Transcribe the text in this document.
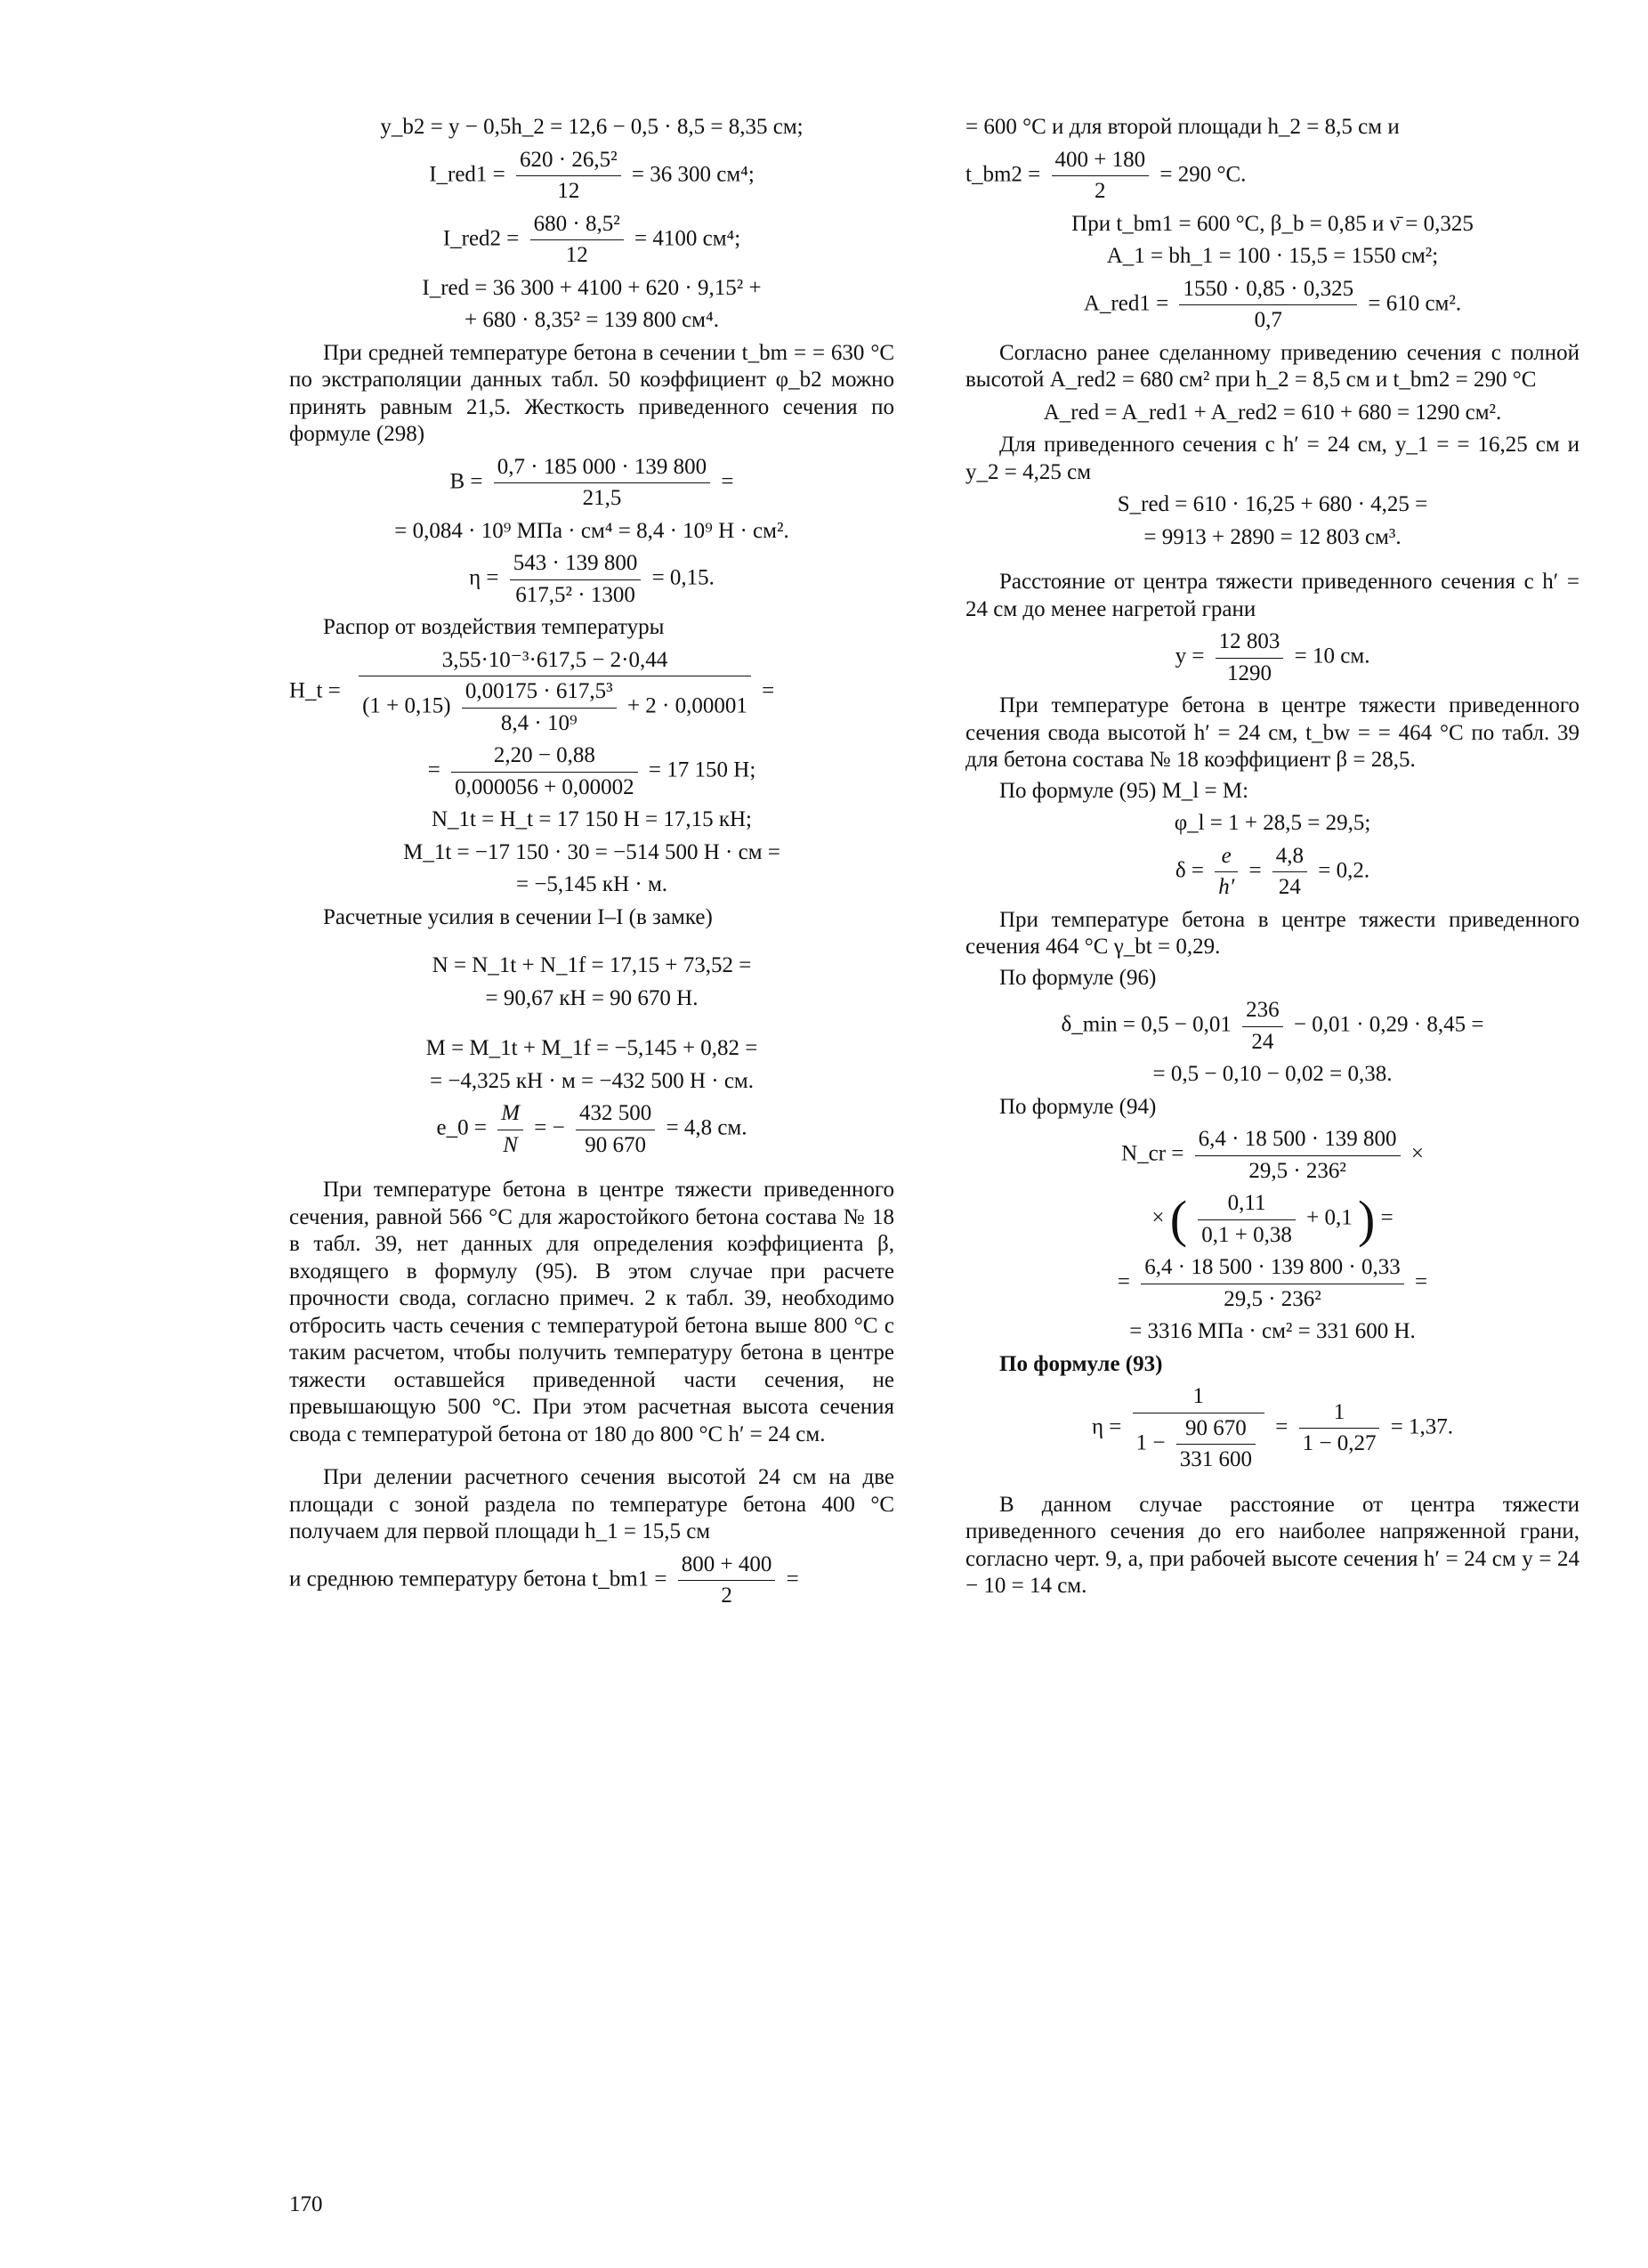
y_b2 = y − 0,5h_2 = 12,6 − 0,5 · 8,5 = 8,35 см;
I_red1 = $\frac{\text{620 · 26,5²}}{12} = 36$ 300 см⁴;
I_red2 = $\frac{\text{680 · 8,5²}}{12} = 4100$ см⁴;
I_red = 36 300 + 4100 + 620 · 9,15² +
+ 680 · 8,35² = 139 800 см⁴.

При средней температуре бетона в сечении t_bm = = 630 °С по экстраполяции данных табл. 50 коэффициент φ_b2 можно принять равным 21,5. Жесткость приведенного сечения по формуле (298)

$B = \frac{0,7 \cdot 185 000 \cdot 139 800}{21,5}$ =
= 0,084 · 10⁹ МПа · см⁴ = 8,4 · 10⁹ Н · см².
$\eta = \frac{543 \cdot 139 800}{\text{617,5² · 1300}} = 0,15$.

Распор от воздействия температуры

H_t =
3,55·10⁻³·617,5 − 2·0,44
$(1 + 0,15) \frac{\text{0,00175 · 617,5³}}{\text{8,4 · 10⁹}} + 2 \cdot 0,00001$
=
= $\frac{2,20 - 0,88}{0,000056 + 0,00002} = 17$ 150 Н;
N_1t = H_t = 17 150 Н = 17,15 кН;
M_1t = −17 150 · 30 = −514 500 Н · см =
= −5,145 кН · м.

Расчетные усилия в сечении I–I (в замке)

N = N_1t + N_1f = 17,15 + 73,52 =
= 90,67 кН = 90 670 Н.
M = M_1t + M_1f = −5,145 + 0,82 =
= −4,325 кН · м = −432 500 Н · см.
e_0 = $\frac{M}{N}$ = − $\frac{432 500}{90 670} = 4,8$ см.

При температуре бетона в центре тяжести приведенного сечения, равной 566 °С для жаростойкого бетона состава № 18 в табл. 39, нет данных для определения коэффициента β, входящего в формулу (95). В этом случае при расчете прочности свода, согласно примеч. 2 к табл. 39, необходимо отбросить часть сечения с температурой бетона выше 800 °С с таким расчетом, чтобы получить температуру бетона в центре тяжести оставшейся приведенной части сечения, не превышающую 500 °С. При этом расчетная высота сечения свода с температурой бетона от 180 до 800 °С h′ = 24 см.

При делении расчетного сечения высотой 24 см на две площади с зоной раздела по температуре бетона 400 °С получаем для первой площади h_1 = 15,5 см

и среднюю температуру бетона t_bm1 = $\frac{800 + 400}{2}$ =
= 600 °С и для второй площади h_2 = 8,5 см и
t_bm2 = $\frac{400 + 180}{2} = 290$ °С.
При t_bm1 = 600 °С, β_b = 0,85 и ν̄ = 0,325
A_1 = bh_1 = 100 · 15,5 = 1550 см²;
A_red1 = $\frac{1550 \cdot 0,85 \cdot 0,325}{0,7} = 610$ см².

Согласно ранее сделанному приведению сечения с полной высотой A_red2 = 680 см² при h_2 = 8,5 см и t_bm2 = 290 °С

A_red = A_red1 + A_red2 = 610 + 680 = 1290 см².

Для приведенного сечения с h′ = 24 см, y_1 = = 16,25 см и y_2 = 4,25 см

S_red = 610 · 16,25 + 680 · 4,25 =
= 9913 + 2890 = 12 803 см³.

Расстояние от центра тяжести приведенного сечения с h′ = 24 см до менее нагретой грани

$y = \frac{12 803}{1290} = 10$ см.

При температуре бетона в центре тяжести приведенного сечения свода высотой h′ = 24 см, t_bw = = 464 °С по табл. 39 для бетона состава № 18 коэффициент β = 28,5.

По формуле (95) M_l = M:

φ_l = 1 + 28,5 = 29,5;
$\delta = \frac{e}{h'} = \frac{4,8}{24} = 0,2$.

При температуре бетона в центре тяжести приведенного сечения 464 °С γ_bt = 0,29.

По формуле (96)

δ_min = $0,5 - 0,01 \frac{236}{24} - 0,01 \cdot 0,29 \cdot 8,45$ =
= 0,5 − 0,10 − 0,02 = 0,38.

По формуле (94)

N_cr = $\frac{6,4 \cdot 18 500 \cdot 139 800}{\text{29,5 · 236²}}$ ×
× ( $\frac{0,11}{0,1 + 0,38} + 0,1$ ) =
= $\frac{6,4 \cdot 18 500 \cdot 139 800 \cdot 0,33}{\text{29,5 · 236²}}$ =
= 3316 МПа · см² = 331 600 Н.

По формуле (93)

$\eta = \frac{1}{1 - \frac{90 670}{331 600}} = \frac{1}{1 - 0,27} = 1,37$.

В данном случае расстояние от центра тяжести приведенного сечения до его наиболее напряженной грани, согласно черт. 9, а, при рабочей высоте сечения h′ = 24 см y = 24 − 10 = 14 см.

170
